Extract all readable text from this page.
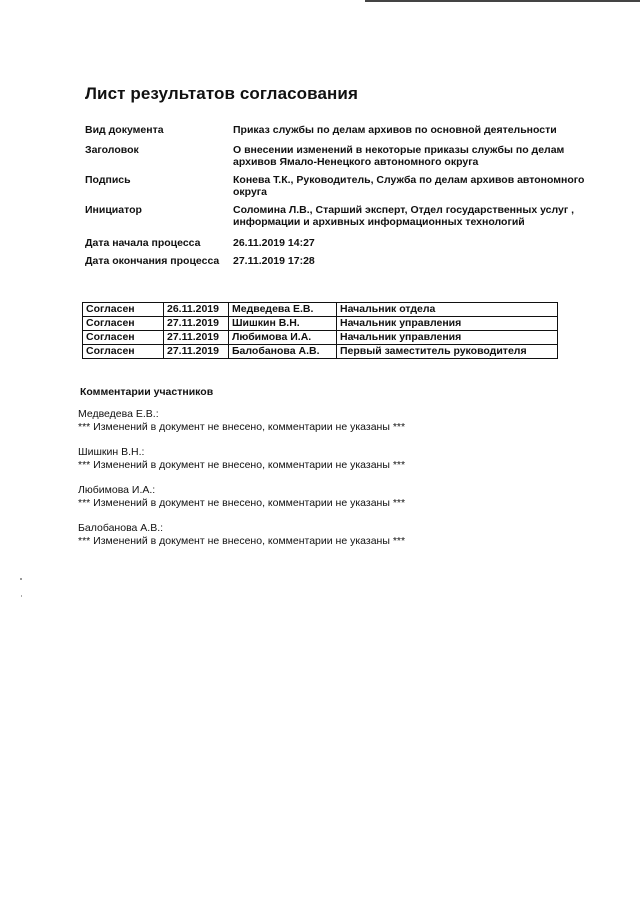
Лист результатов согласования
Вид документа	Приказ службы по делам архивов по основной деятельности
Заголовок	О внесении изменений в некоторые приказы службы по делам архивов Ямало-Ненецкого автономного округа
Подпись	Конева Т.К., Руководитель, Служба по делам архивов автономного округа
Инициатор	Соломина Л.В., Старший эксперт, Отдел государственных услуг , информации и архивных информационных технологий
Дата начала процесса	26.11.2019 14:27
Дата окончания процесса	27.11.2019 17:28
Согласен	26.11.2019	Медведева Е.В.	Начальник отдела
Согласен	27.11.2019	Шишкин В.Н.	Начальник управления
Согласен	27.11.2019	Любимова И.А.	Начальник управления
Согласен	27.11.2019	Балобанова А.В.	Первый заместитель руководителя
Комментарии участников
Медведева Е.В.:
*** Изменений в документ не внесено, комментарии не указаны ***
Шишкин В.Н.:
*** Изменений в документ не внесено, комментарии не указаны ***
Любимова И.А.:
*** Изменений в документ не внесено, комментарии не указаны ***
Балобанова А.В.:
*** Изменений в документ не внесено, комментарии не указаны ***
